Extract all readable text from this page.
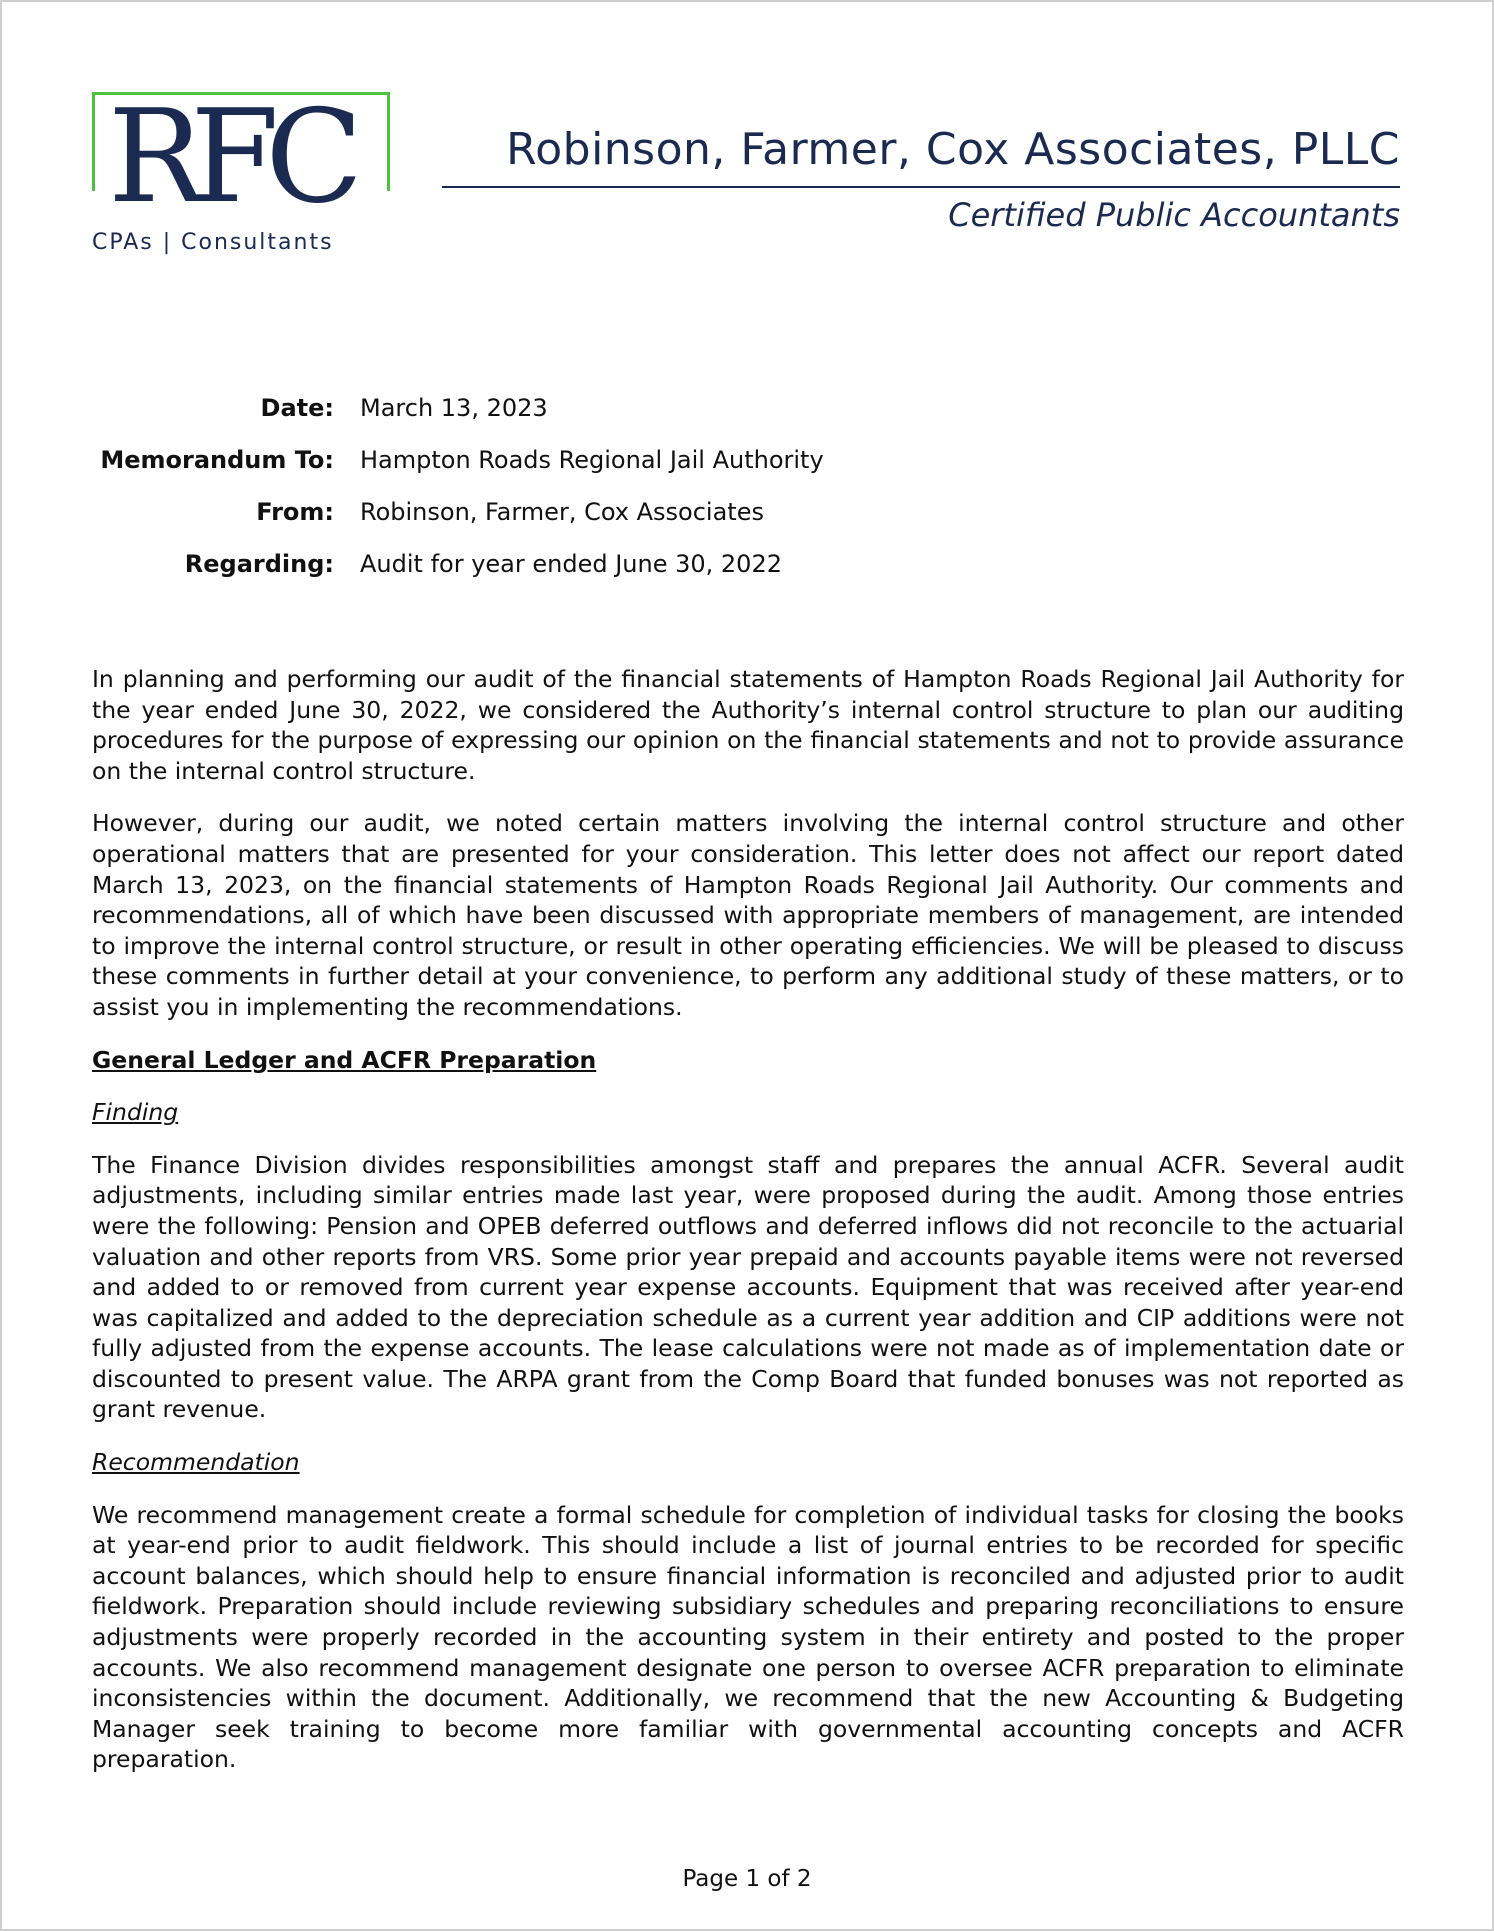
RFC
CPAs | Consultants
Robinson, Farmer, Cox Associates, PLLC
Certified Public Accountants
Date:	March 13, 2023
Memorandum To:	Hampton Roads Regional Jail Authority
From:	Robinson, Farmer, Cox Associates
Regarding:	Audit for year ended June 30, 2022

In planning and performing our audit of the financial statements of Hampton Roads Regional Jail Authority for the year ended June 30, 2022, we considered the Authority’s internal control structure to plan our auditing procedures for the purpose of expressing our opinion on the financial statements and not to provide assurance on the internal control structure.

However, during our audit, we noted certain matters involving the internal control structure and other operational matters that are presented for your consideration. This letter does not affect our report dated March 13, 2023, on the financial statements of Hampton Roads Regional Jail Authority. Our comments and recommendations, all of which have been discussed with appropriate members of management, are intended to improve the internal control structure, or result in other operating efficiencies. We will be pleased to discuss these comments in further detail at your convenience, to perform any additional study of these matters, or to assist you in implementing the recommendations.

General Ledger and ACFR Preparation
Finding

The Finance Division divides responsibilities amongst staff and prepares the annual ACFR. Several audit adjustments, including similar entries made last year, were proposed during the audit. Among those entries were the following: Pension and OPEB deferred outflows and deferred inflows did not reconcile to the actuarial valuation and other reports from VRS. Some prior year prepaid and accounts payable items were not reversed and added to or removed from current year expense accounts. Equipment that was received after year-end was capitalized and added to the depreciation schedule as a current year addition and CIP additions were not fully adjusted from the expense accounts. The lease calculations were not made as of implementation date or discounted to present value. The ARPA grant from the Comp Board that funded bonuses was not reported as grant revenue.

Recommendation

We recommend management create a formal schedule for completion of individual tasks for closing the books at year-end prior to audit fieldwork. This should include a list of journal entries to be recorded for specific account balances, which should help to ensure financial information is reconciled and adjusted prior to audit fieldwork. Preparation should include reviewing subsidiary schedules and preparing reconciliations to ensure adjustments were properly recorded in the accounting system in their entirety and posted to the proper accounts. We also recommend management designate one person to oversee ACFR preparation to eliminate inconsistencies within the document. Additionally, we recommend that the new Accounting & Budgeting Manager seek training to become more familiar with governmental accounting concepts and ACFR preparation.

Page 1 of 2
